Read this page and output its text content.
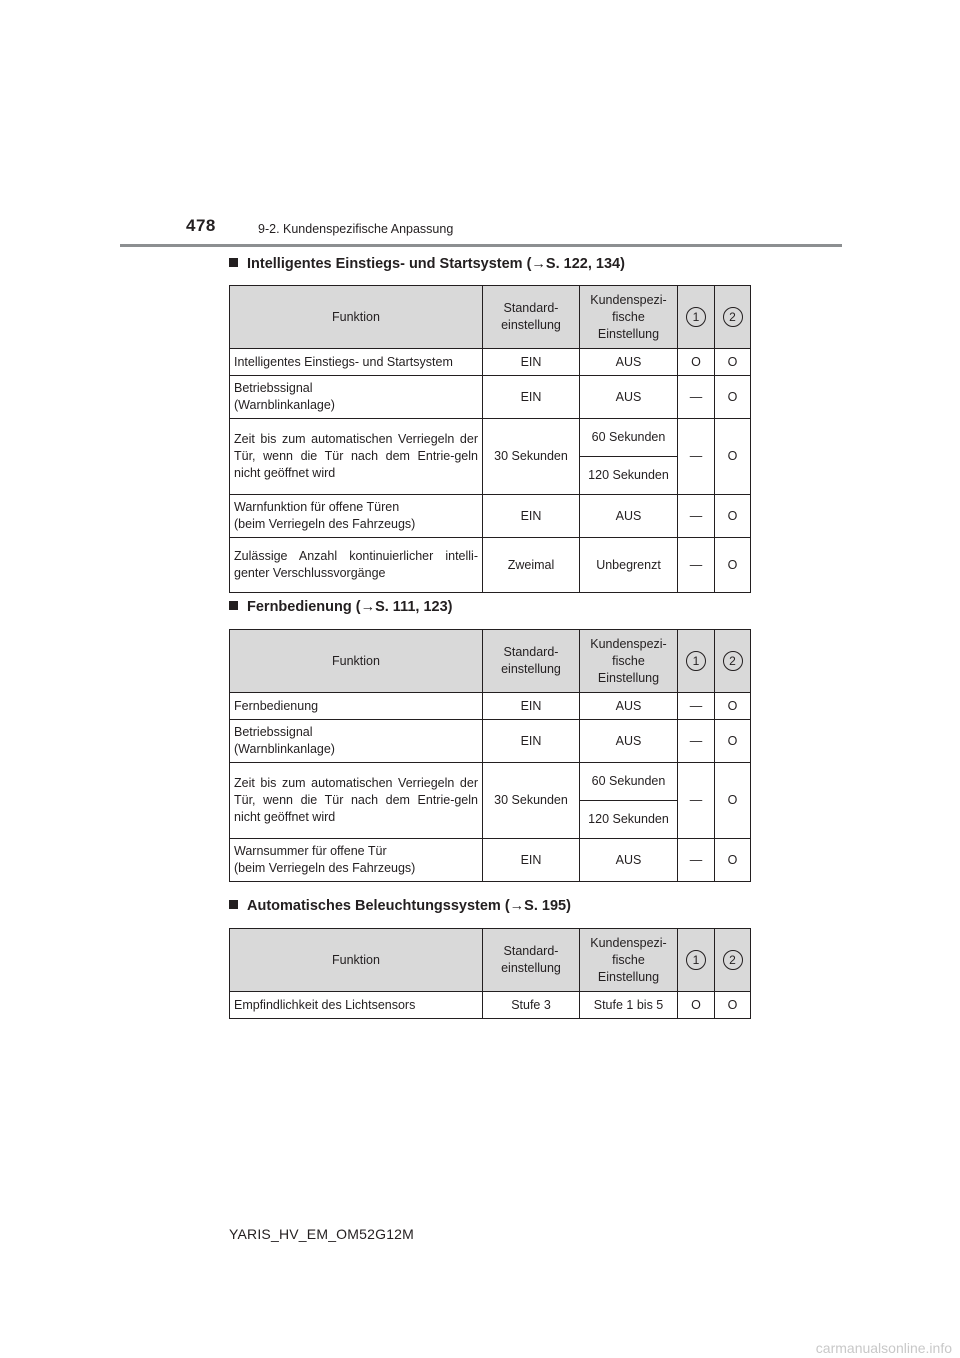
478	9-2. Kundenspezifische Anpassung
Intelligentes Einstiegs- und Startsystem (→S. 122, 134)
Funktion	Standard-einstellung	Kundenspezi-fische Einstellung	1	2
Intelligentes Einstiegs- und Startsystem	EIN	AUS	O	O
Betriebssignal
(Warnblinkanlage)	EIN	AUS	—	O
Zeit bis zum automatischen Verriegeln der Tür, wenn die Tür nach dem Entrie-geln nicht geöffnet wird	30 Sekunden	60 Sekunden	—	O
		120 Sekunden		
Warnfunktion für offene Türen
(beim Verriegeln des Fahrzeugs)	EIN	AUS	—	O
Zulässige Anzahl kontinuierlicher intelli-genter Verschlussvorgänge	Zweimal	Unbegrenzt	—	O
Fernbedienung (→S. 111, 123)
Funktion	Standard-einstellung	Kundenspezi-fische Einstellung	1	2
Fernbedienung	EIN	AUS	—	O
Betriebssignal
(Warnblinkanlage)	EIN	AUS	—	O
Zeit bis zum automatischen Verriegeln der Tür, wenn die Tür nach dem Entrie-geln nicht geöffnet wird	30 Sekunden	60 Sekunden	—	O
		120 Sekunden		
Warnsummer für offene Tür
(beim Verriegeln des Fahrzeugs)	EIN	AUS	—	O
Automatisches Beleuchtungssystem (→S. 195)
Funktion	Standard-einstellung	Kundenspezi-fische Einstellung	1	2
Empfindlichkeit des Lichtsensors	Stufe 3	Stufe 1 bis 5	O	O
YARIS_HV_EM_OM52G12M
carmanualsonline.info
